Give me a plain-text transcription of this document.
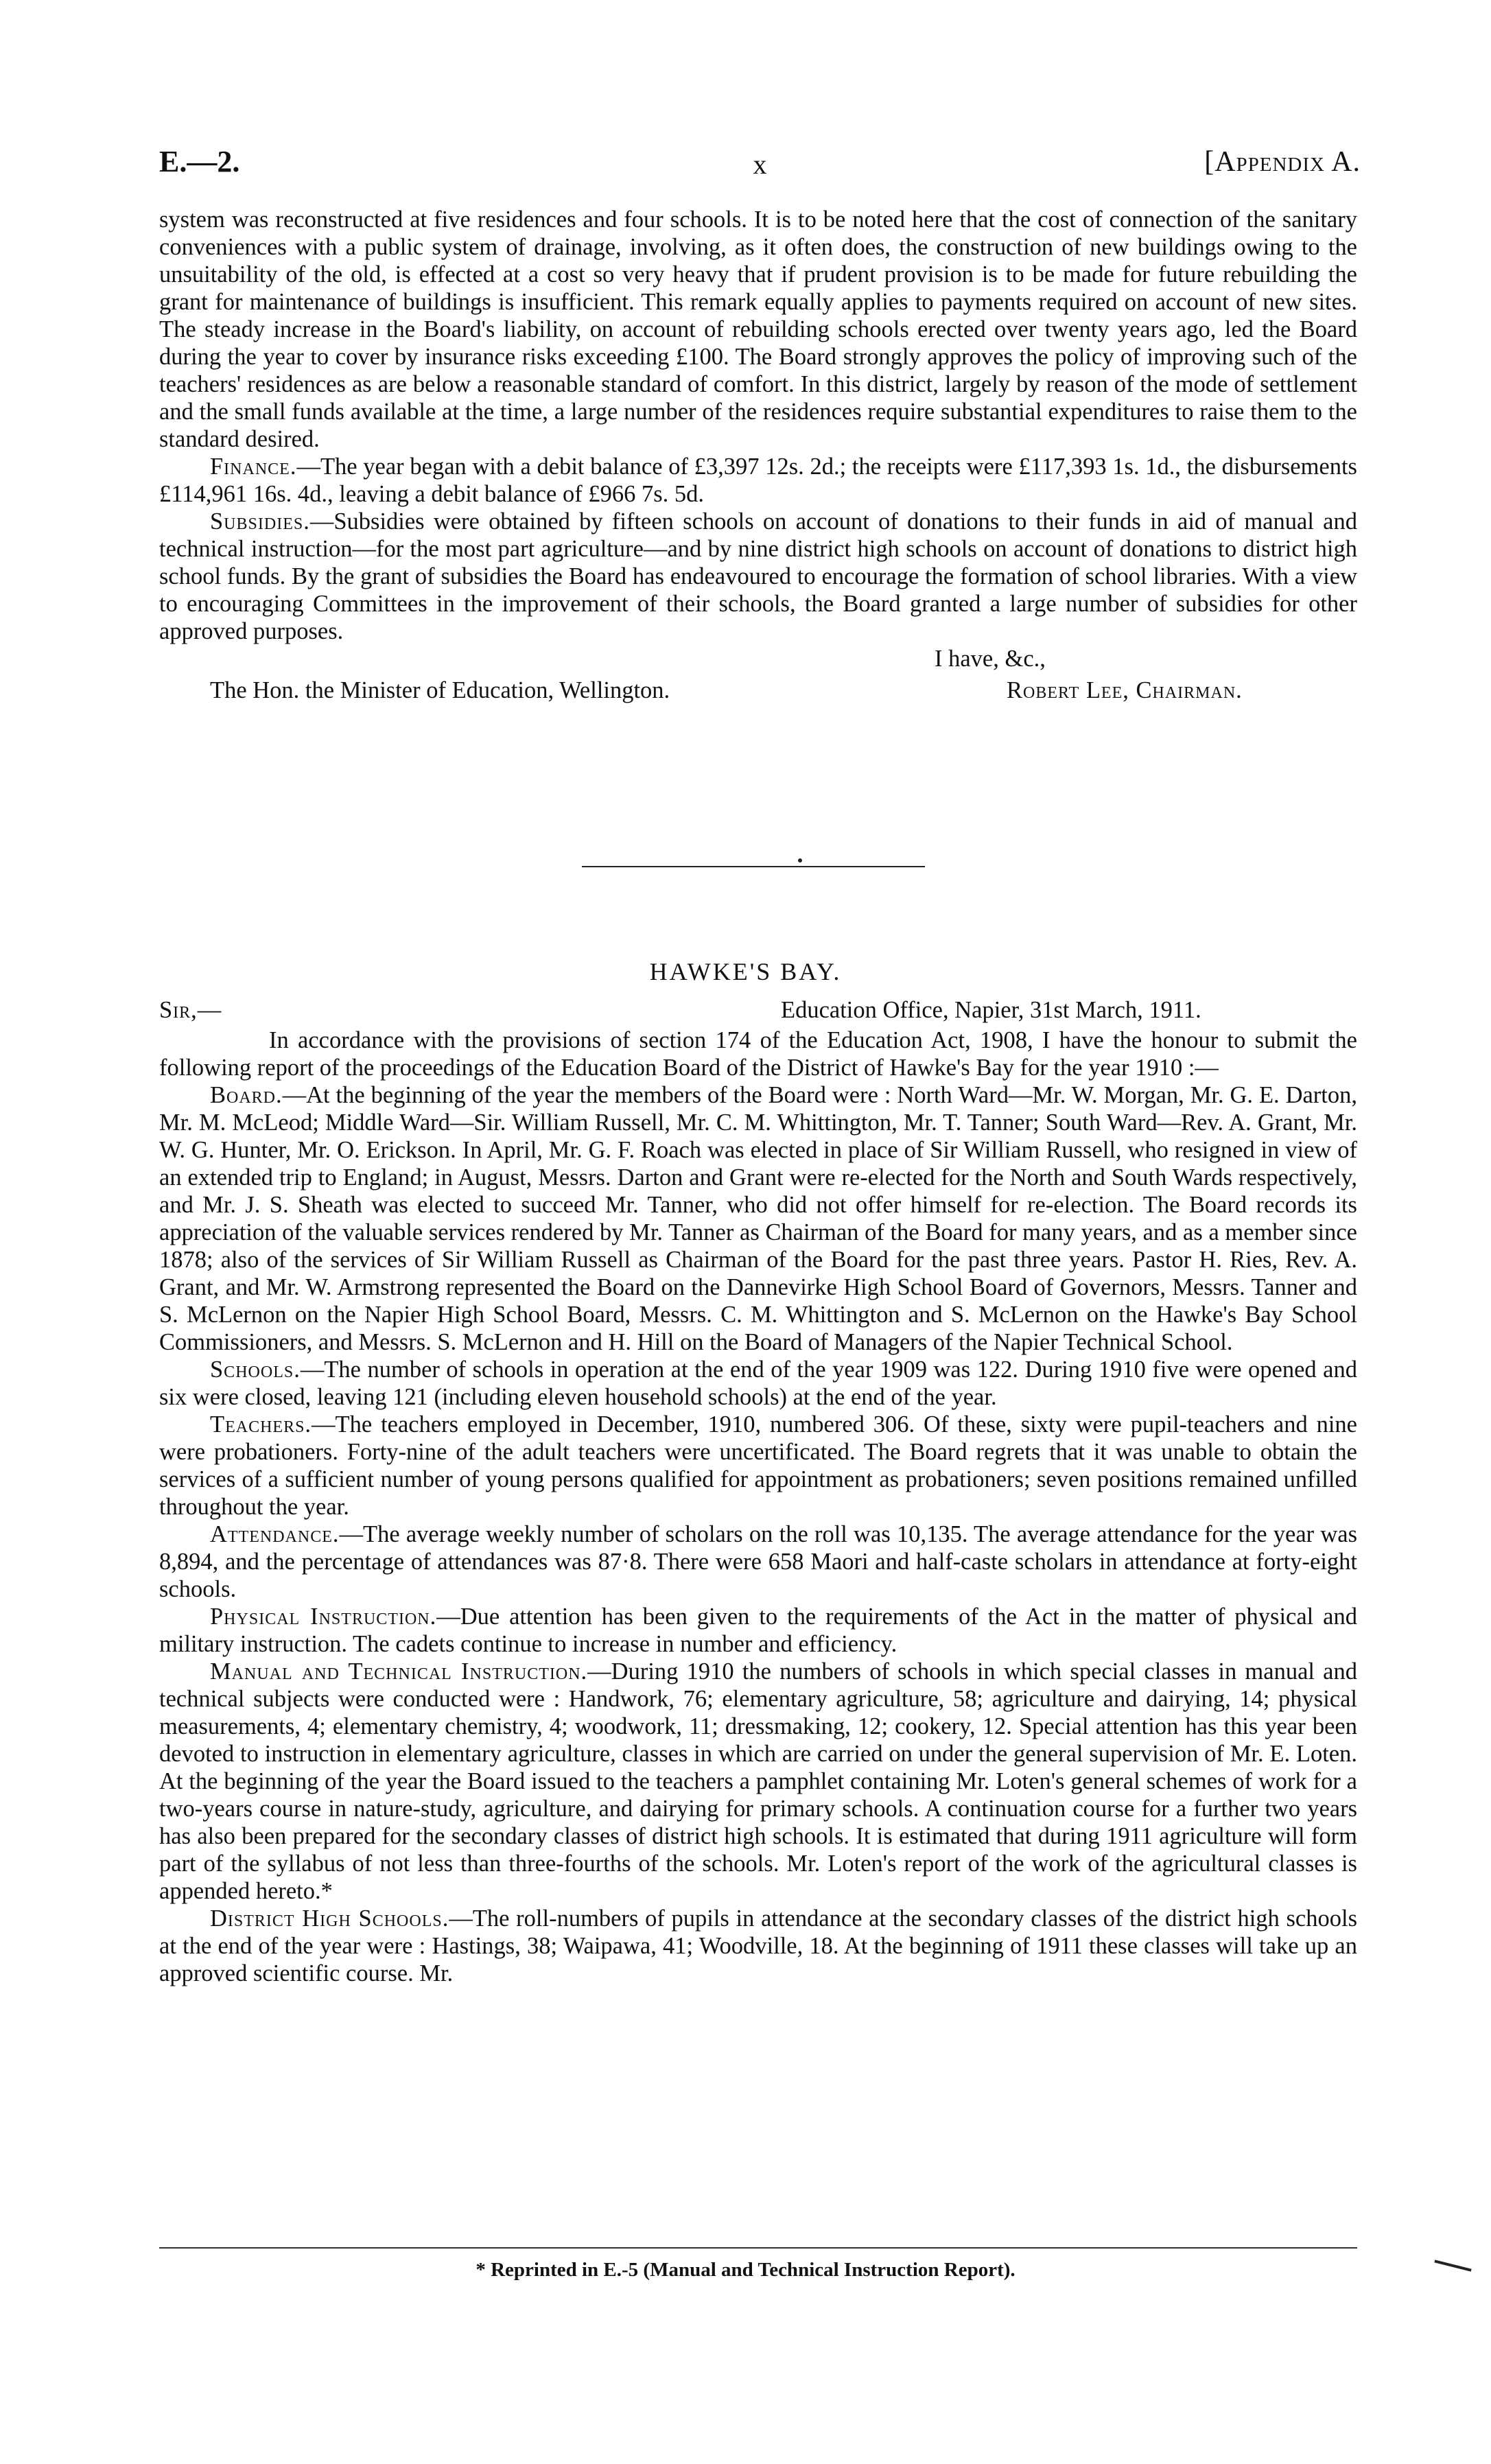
E.—2.	x	[Appendix A.

system was reconstructed at five residences and four schools. It is to be noted here that the cost of connection of the sanitary conveniences with a public system of drainage, involving, as it often does, the construction of new buildings owing to the unsuitability of the old, is effected at a cost so very heavy that if prudent provision is to be made for future rebuilding the grant for maintenance of buildings is insufficient. This remark equally applies to payments required on account of new sites. The steady increase in the Board's liability, on account of rebuilding schools erected over twenty years ago, led the Board during the year to cover by insurance risks exceeding £100. The Board strongly approves the policy of improving such of the teachers' residences as are below a reasonable standard of comfort. In this district, largely by reason of the mode of settlement and the small funds available at the time, a large number of the residences require substantial expenditures to raise them to the standard desired.

Finance.—The year began with a debit balance of £3,397 12s. 2d.; the receipts were £117,393 1s. 1d., the disbursements £114,961 16s. 4d., leaving a debit balance of £966 7s. 5d.

Subsidies.—Subsidies were obtained by fifteen schools on account of donations to their funds in aid of manual and technical instruction—for the most part agriculture—and by nine district high schools on account of donations to district high school funds. By the grant of subsidies the Board has endeavoured to encourage the formation of school libraries. With a view to encouraging Committees in the improvement of their schools, the Board granted a large number of subsidies for other approved purposes.

I have, &c.,
The Hon. the Minister of Education, Wellington.	Robert Lee, Chairman.
HAWKE'S BAY.
Sir,—	Education Office, Napier, 31st March, 1911.

In accordance with the provisions of section 174 of the Education Act, 1908, I have the honour to submit the following report of the proceedings of the Education Board of the District of Hawke's Bay for the year 1910 :—

Board.—At the beginning of the year the members of the Board were : North Ward—Mr. W. Morgan, Mr. G. E. Darton, Mr. M. McLeod; Middle Ward—Sir. William Russell, Mr. C. M. Whittington, Mr. T. Tanner; South Ward—Rev. A. Grant, Mr. W. G. Hunter, Mr. O. Erickson. In April, Mr. G. F. Roach was elected in place of Sir William Russell, who resigned in view of an extended trip to England; in August, Messrs. Darton and Grant were re-elected for the North and South Wards respectively, and Mr. J. S. Sheath was elected to succeed Mr. Tanner, who did not offer himself for re-election. The Board records its appreciation of the valuable services rendered by Mr. Tanner as Chairman of the Board for many years, and as a member since 1878; also of the services of Sir William Russell as Chairman of the Board for the past three years. Pastor H. Ries, Rev. A. Grant, and Mr. W. Armstrong represented the Board on the Dannevirke High School Board of Governors, Messrs. Tanner and S. McLernon on the Napier High School Board, Messrs. C. M. Whittington and S. McLernon on the Hawke's Bay School Commissioners, and Messrs. S. McLernon and H. Hill on the Board of Managers of the Napier Technical School.

Schools.—The number of schools in operation at the end of the year 1909 was 122. During 1910 five were opened and six were closed, leaving 121 (including eleven household schools) at the end of the year.

Teachers.—The teachers employed in December, 1910, numbered 306. Of these, sixty were pupil-teachers and nine were probationers. Forty-nine of the adult teachers were uncertificated. The Board regrets that it was unable to obtain the services of a sufficient number of young persons qualified for appointment as probationers; seven positions remained unfilled throughout the year.

Attendance.—The average weekly number of scholars on the roll was 10,135. The average attendance for the year was 8,894, and the percentage of attendances was 87·8. There were 658 Maori and half-caste scholars in attendance at forty-eight schools.

Physical Instruction.—Due attention has been given to the requirements of the Act in the matter of physical and military instruction. The cadets continue to increase in number and efficiency.

Manual and Technical Instruction.—During 1910 the numbers of schools in which special classes in manual and technical subjects were conducted were : Handwork, 76; elementary agriculture, 58; agriculture and dairying, 14; physical measurements, 4; elementary chemistry, 4; woodwork, 11; dressmaking, 12; cookery, 12. Special attention has this year been devoted to instruction in elementary agriculture, classes in which are carried on under the general supervision of Mr. E. Loten. At the beginning of the year the Board issued to the teachers a pamphlet containing Mr. Loten's general schemes of work for a two-years course in nature-study, agriculture, and dairying for primary schools. A continuation course for a further two years has also been prepared for the secondary classes of district high schools. It is estimated that during 1911 agriculture will form part of the syllabus of not less than three-fourths of the schools. Mr. Loten's report of the work of the agricultural classes is appended hereto.*

District High Schools.—The roll-numbers of pupils in attendance at the secondary classes of the district high schools at the end of the year were : Hastings, 38; Waipawa, 41; Woodville, 18. At the beginning of 1911 these classes will take up an approved scientific course. Mr.

* Reprinted in E.-5 (Manual and Technical Instruction Report).
